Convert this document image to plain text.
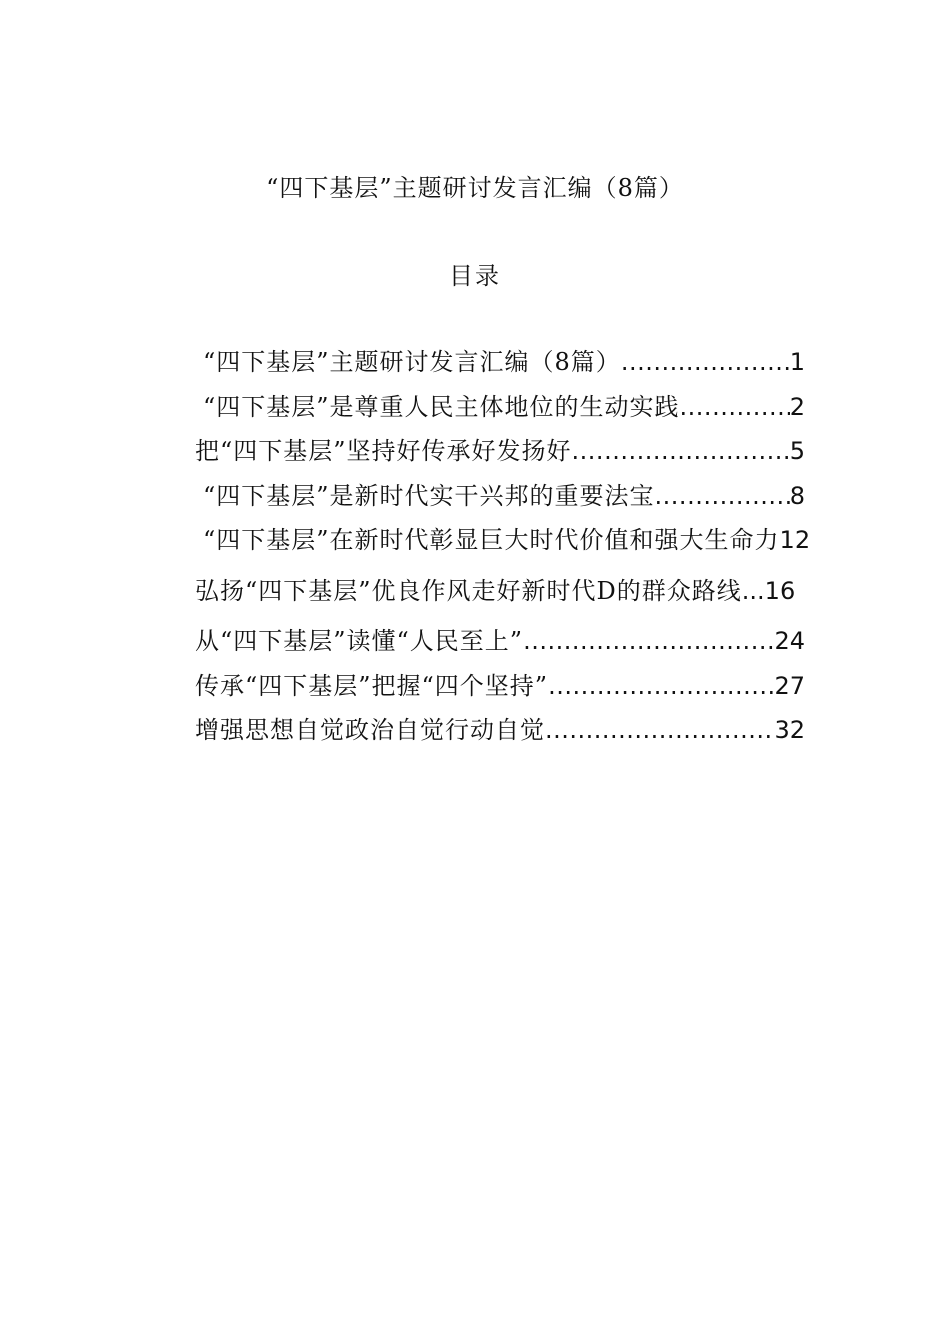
“四下基层”主题研讨发言汇编（8篇）
目录
“四下基层”主题研讨发言汇编（8篇） .....	1
“四下基层”是尊重人民主体地位的生动实践 .....	2
把“四下基层”坚持好传承好发扬好 .....	5
“四下基层”是新时代实干兴邦的重要法宝 .....	8
“四下基层”在新时代彰显巨大时代价值和强大生命力 12
弘扬“四下基层”优良作风走好新时代D的群众路线 ... 16
从“四下基层”读懂“人民至上” .....	24
传承“四下基层”把握“四个坚持” .....	27
增强思想自觉政治自觉行动自觉 .....	32
